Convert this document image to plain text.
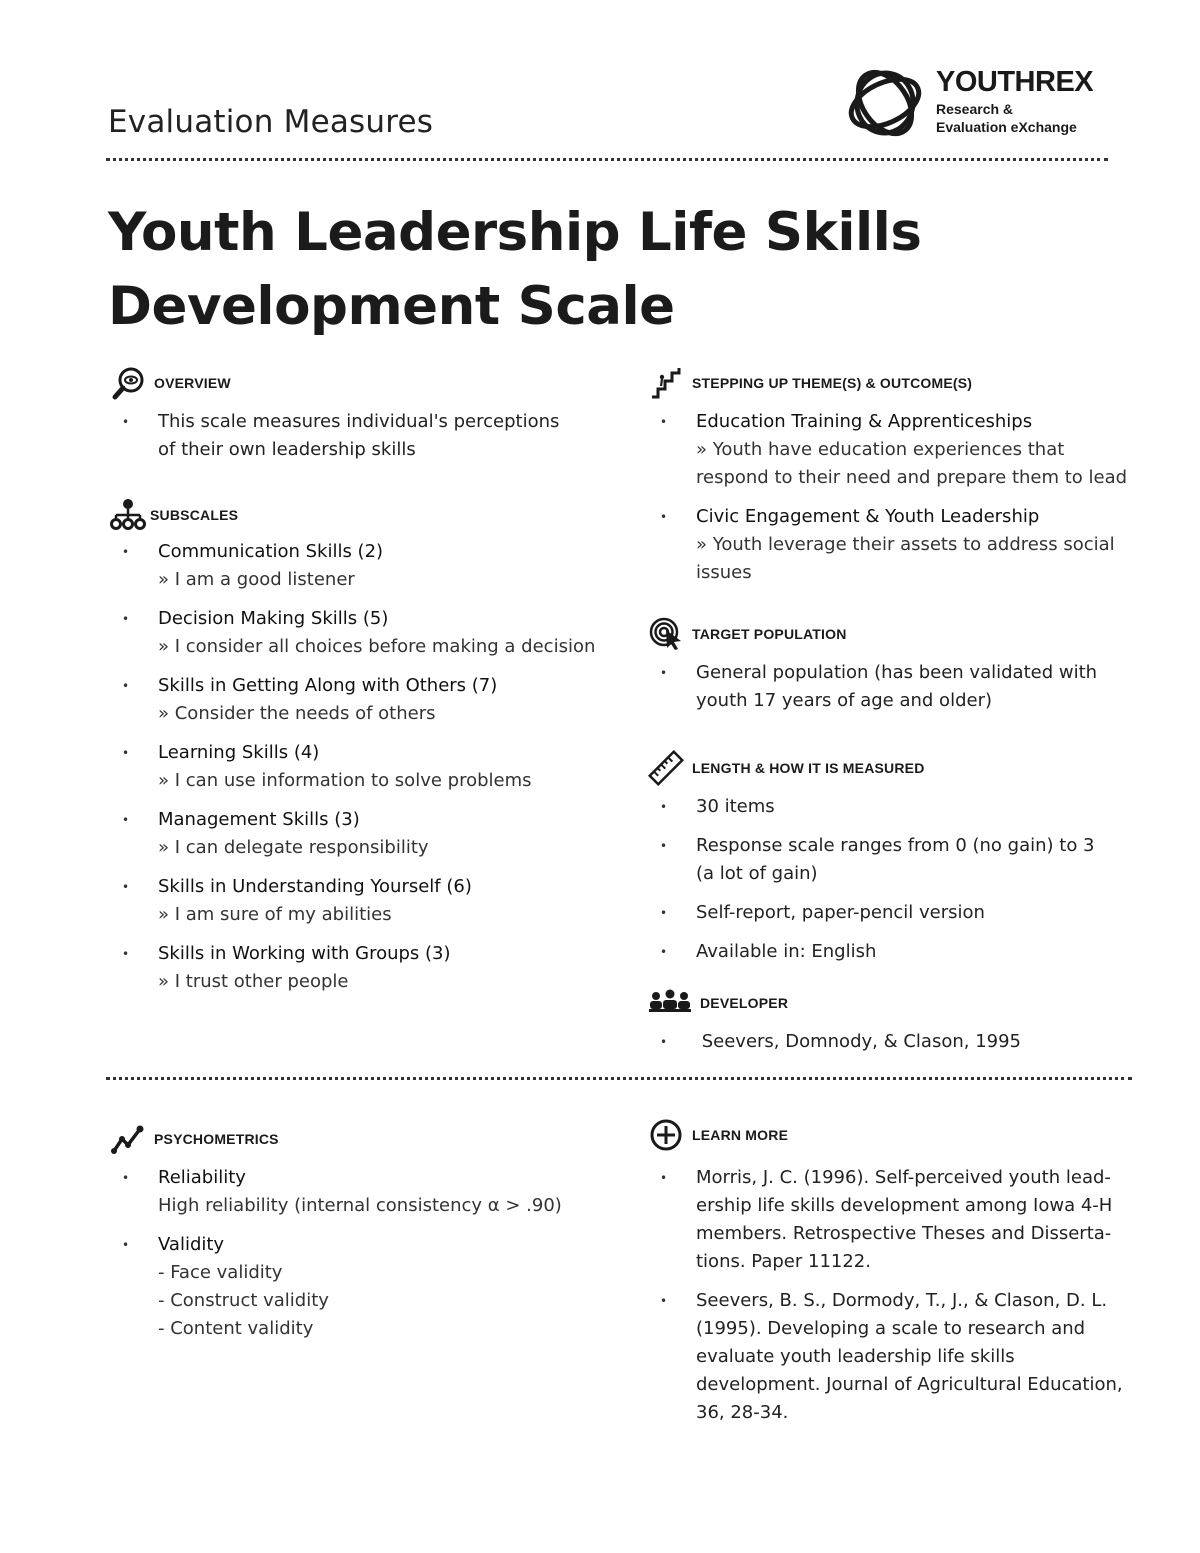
Evaluation Measures
YOUTHREX
Research &
Evaluation eXchange
Youth Leadership Life Skills
Development Scale
OVERVIEW
• This scale measures individual's perceptions of their own leadership skills
SUBSCALES
• Communication Skills (2)
» I am a good listener
• Decision Making Skills (5)
» I consider all choices before making a decision
• Skills in Getting Along with Others (7)
» Consider the needs of others
• Learning Skills (4)
» I can use information to solve problems
• Management Skills (3)
» I can delegate responsibility
• Skills in Understanding Yourself (6)
» I am sure of my abilities
• Skills in Working with Groups (3)
» I trust other people
STEPPING UP THEME(S) & OUTCOME(S)
• Education Training & Apprenticeships
» Youth have education experiences that respond to their need and prepare them to lead
• Civic Engagement & Youth Leadership
» Youth leverage their assets to address social issues
TARGET POPULATION
• General population (has been validated with youth 17 years of age and older)
LENGTH & HOW IT IS MEASURED
• 30 items
• Response scale ranges from 0 (no gain) to 3 (a lot of gain)
• Self-report, paper-pencil version
• Available in: English
DEVELOPER
•  Seevers, Domnody, & Clason, 1995
PSYCHOMETRICS
• Reliability
High reliability (internal consistency α > .90)
• Validity
- Face validity
- Construct validity
- Content validity
LEARN MORE
• Morris, J. C. (1996). Self-perceived youth lead-ership life skills development among Iowa 4-H members. Retrospective Theses and Disserta-tions. Paper 11122.
• Seevers, B. S., Dormody, T., J., & Clason, D. L. (1995). Developing a scale to research and evaluate youth leadership life skills development. Journal of Agricultural Education, 36, 28-34.
